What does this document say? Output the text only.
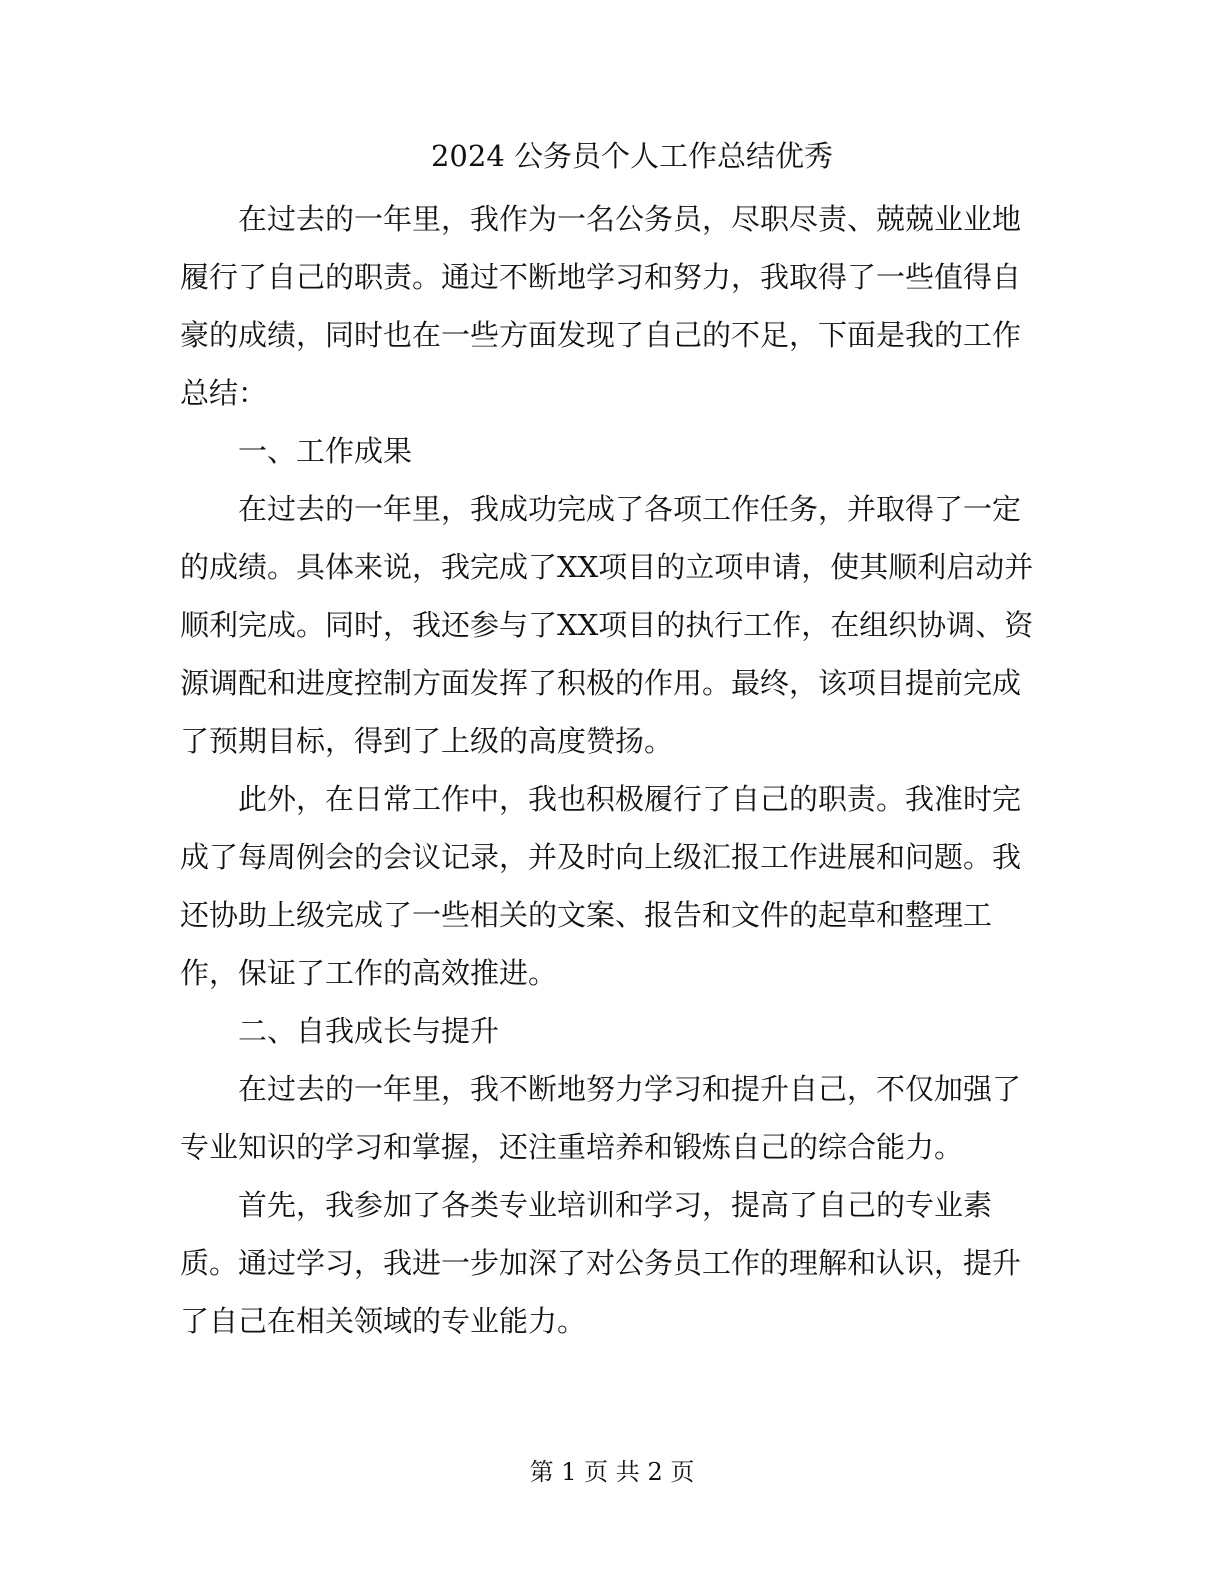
2024 公务员个人工作总结优秀

在过去的一年里，我作为一名公务员，尽职尽责、兢兢业业地履行了自己的职责。通过不断地学习和努力，我取得了一些值得自豪的成绩，同时也在一些方面发现了自己的不足，下面是我的工作总结：

一、工作成果

在过去的一年里，我成功完成了各项工作任务，并取得了一定的成绩。具体来说，我完成了XX项目的立项申请，使其顺利启动并顺利完成。同时，我还参与了XX项目的执行工作，在组织协调、资源调配和进度控制方面发挥了积极的作用。最终，该项目提前完成了预期目标，得到了上级的高度赞扬。

此外，在日常工作中，我也积极履行了自己的职责。我准时完成了每周例会的会议记录，并及时向上级汇报工作进展和问题。我还协助上级完成了一些相关的文案、报告和文件的起草和整理工作，保证了工作的高效推进。

二、自我成长与提升

在过去的一年里，我不断地努力学习和提升自己，不仅加强了专业知识的学习和掌握，还注重培养和锻炼自己的综合能力。

首先，我参加了各类专业培训和学习，提高了自己的专业素质。通过学习，我进一步加深了对公务员工作的理解和认识，提升了自己在相关领域的专业能力。

第 1 页 共 2 页
